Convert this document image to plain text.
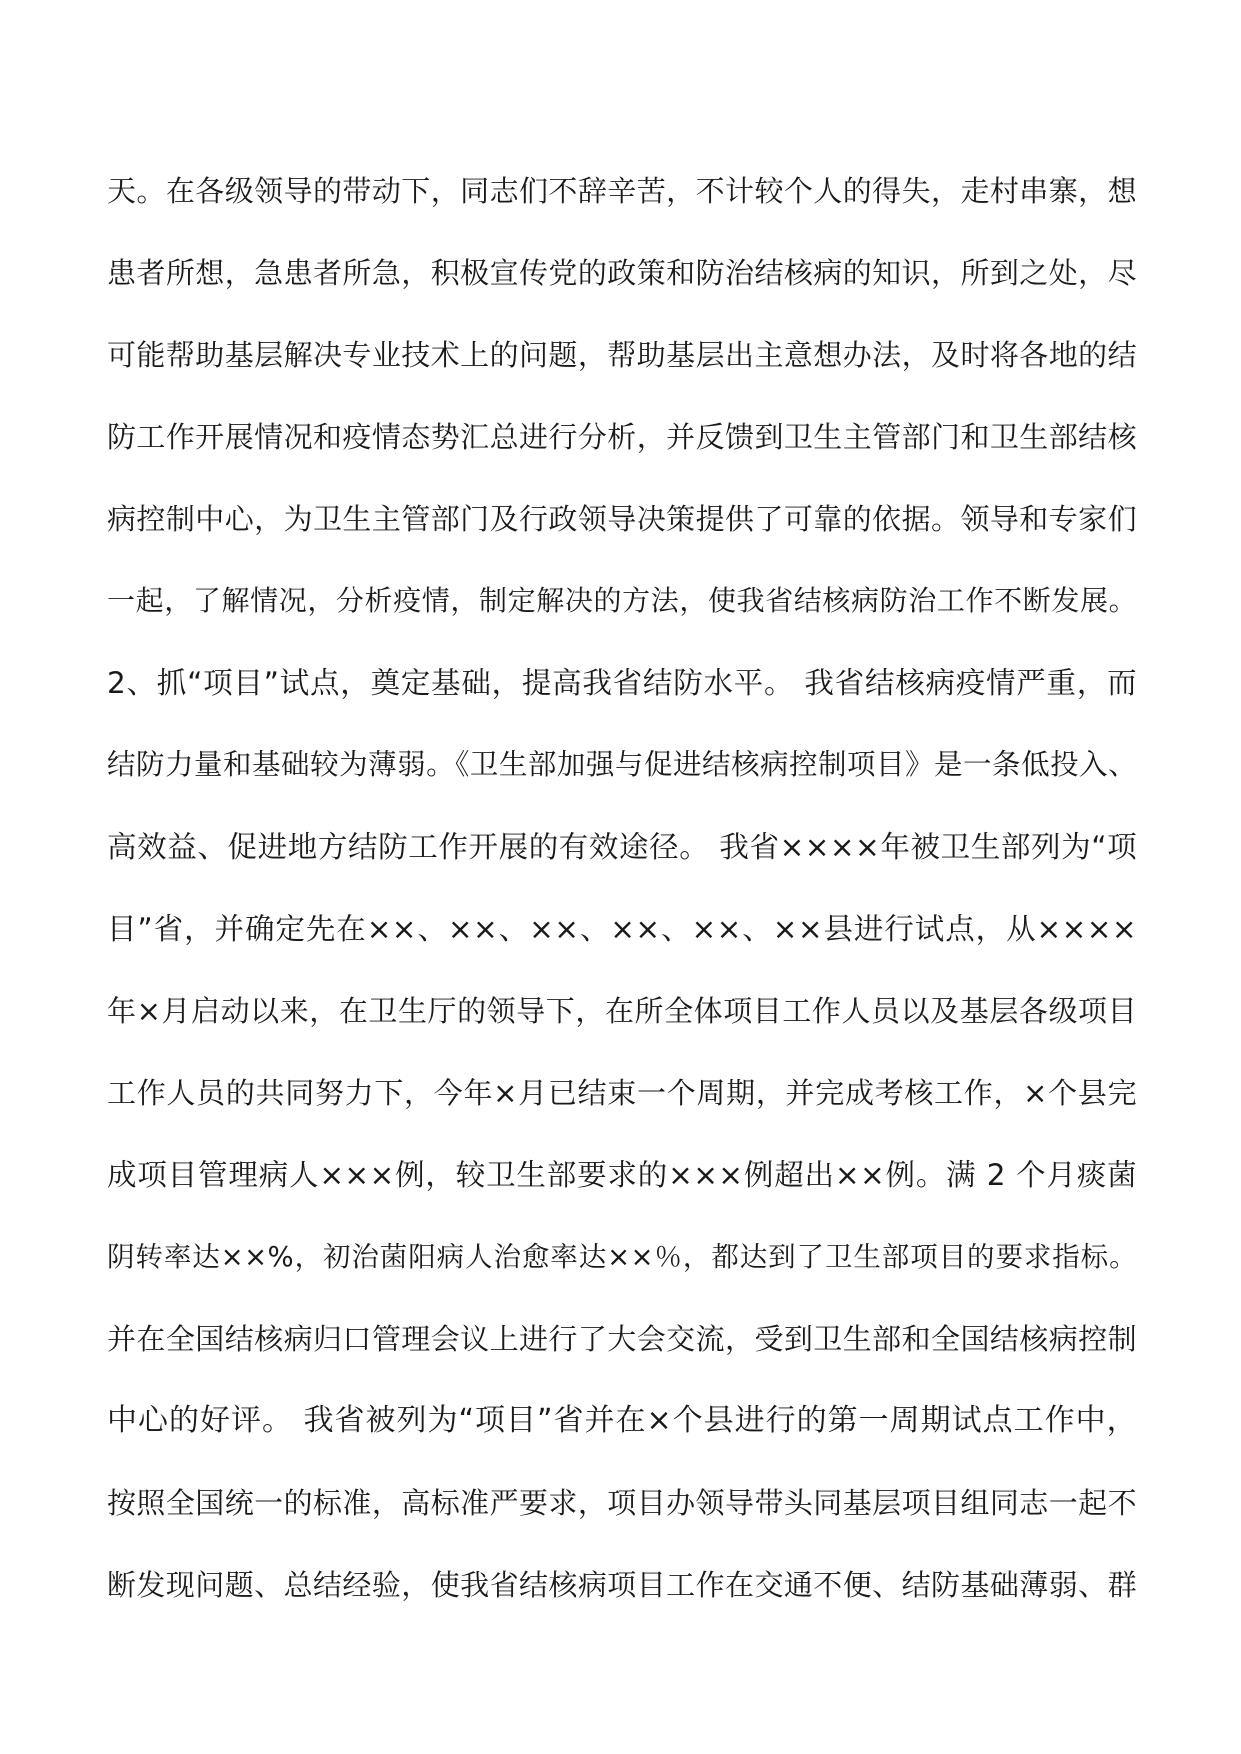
天。在各级领导的带动下，同志们不辞辛苦，不计较个人的得失，走村串寨，想
患者所想，急患者所急，积极宣传党的政策和防治结核病的知识，所到之处，尽
可能帮助基层解决专业技术上的问题，帮助基层出主意想办法，及时将各地的结
防工作开展情况和疫情态势汇总进行分析，并反馈到卫生主管部门和卫生部结核
病控制中心，为卫生主管部门及行政领导决策提供了可靠的依据。领导和专家们
一起，了解情况，分析疫情，制定解决的方法，使我省结核病防治工作不断发展。
2、抓“项目”试点，奠定基础，提高我省结防水平。 我省结核病疫情严重，而
结防力量和基础较为薄弱。《卫生部加强与促进结核病控制项目》是一条低投入、
高效益、促进地方结防工作开展的有效途径。 我省××××年被卫生部列为“项
目”省，并确定先在××、××、××、××、××、××县进行试点，从××××
年×月启动以来，在卫生厅的领导下，在所全体项目工作人员以及基层各级项目
工作人员的共同努力下，今年×月已结束一个周期，并完成考核工作，×个县完
成项目管理病人×××例，较卫生部要求的×××例超出××例。满 2 个月痰菌
阴转率达××%，初治菌阳病人治愈率达××％，都达到了卫生部项目的要求指标。
并在全国结核病归口管理会议上进行了大会交流，受到卫生部和全国结核病控制
中心的好评。 我省被列为“项目”省并在×个县进行的第一周期试点工作中，
按照全国统一的标准，高标准严要求，项目办领导带头同基层项目组同志一起不
断发现问题、总结经验，使我省结核病项目工作在交通不便、结防基础薄弱、群
